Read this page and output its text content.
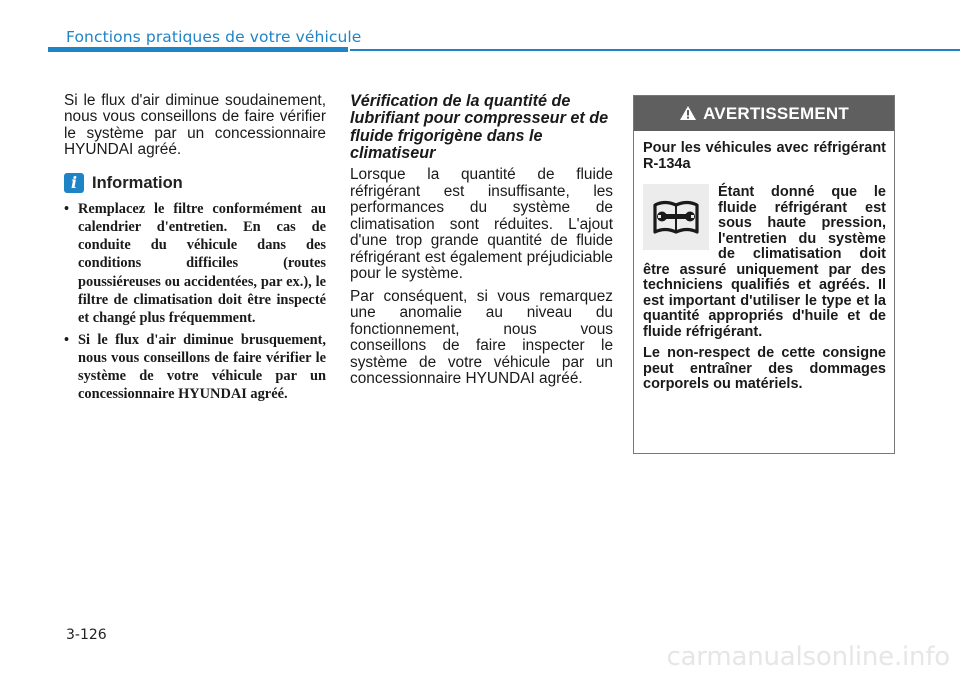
Fonctions pratiques de votre véhicule

Si le flux d'air diminue soudainement, nous vous conseillons de faire vérifier le système par un concessionnaire HYUNDAI agréé.

i Information
• Remplacez le filtre conformément au calendrier d'entretien. En cas de conduite du véhicule dans des conditions difficiles (routes poussiéreuses ou accidentées, par ex.), le filtre de climatisation doit être inspecté et changé plus fréquemment.
• Si le flux d'air diminue brusquement, nous vous conseillons de faire vérifier le système de votre véhicule par un concessionnaire HYUNDAI agréé.
Vérification de la quantité de lubrifiant pour compresseur et de fluide frigorigène dans le climatiseur

Lorsque la quantité de fluide réfrigérant est insuffisante, les performances du système de climatisation sont réduites. L'ajout d'une trop grande quantité de fluide réfrigérant est également préjudiciable pour le système.

Par conséquent, si vous remarquez une anomalie au niveau du fonctionnement, nous vous conseillons de faire inspecter le système de votre véhicule par un concessionnaire HYUNDAI agréé.

AVERTISSEMENT

Pour les véhicules avec réfrigérant R-134a

Étant donné que le fluide réfrigérant est sous haute pression, l'entretien du système de climatisation doit être assuré uniquement par des techniciens qualifiés et agréés. Il est important d'utiliser le type et la quantité appropriés d'huile et de fluide réfrigérant.

Le non-respect de cette consigne peut entraîner des dommages corporels ou matériels.

3-126
carmanualsonline.info
